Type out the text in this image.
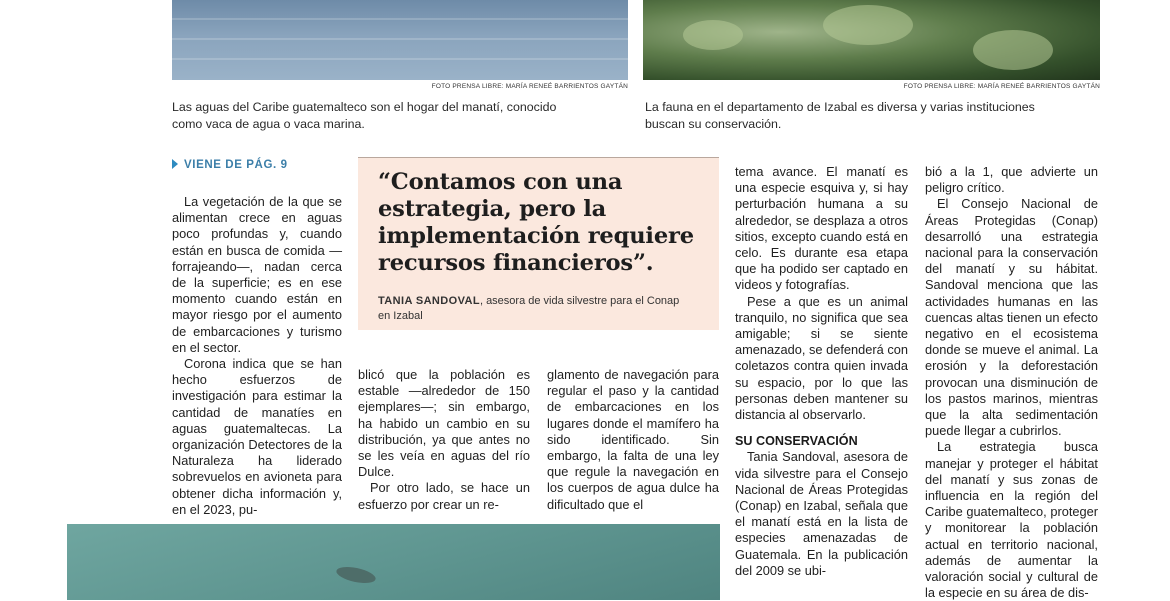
FOTO PRENSA LIBRE: MARÍA RENEÉ BARRIENTOS GAYTÁN	FOTO PRENSA LIBRE: MARÍA RENEÉ BARRIENTOS GAYTÁN
Las aguas del Caribe guatemalteco son el hogar del manatí, conocido
como vaca de agua o vaca marina.
La fauna en el departamento de Izabal es diversa y varias instituciones
buscan su conservación.
VIENE DE PÁG. 9

La vegetación de la que se alimentan crece en aguas poco profundas y, cuando están en busca de comida —forrajeando—, nadan cerca de la superficie; es en ese momento cuando están en mayor riesgo por el aumento de embarcaciones y turismo en el sector.

Corona indica que se han hecho esfuerzos de investigación para estimar la cantidad de manatíes en aguas guatemaltecas. La organización Detectores de la Naturaleza ha liderado sobrevuelos en avioneta para obtener dicha información y, en el 2023, pu-

“Contamos con una estrategia, pero la implementación requiere recursos financieros”.
TANIA SANDOVAL, asesora de vida silvestre para el Conap en Izabal

blicó que la población es estable —alrededor de 150 ejemplares—; sin embargo, ha habido un cambio en su distribución, ya que antes no se les veía en aguas del río Dulce.

Por otro lado, se hace un esfuerzo por crear un re-

glamento de navegación para regular el paso y la cantidad de embarcaciones en los lugares donde el mamífero ha sido identificado. Sin embargo, la falta de una ley que regule la navegación en los cuerpos de agua dulce ha dificultado que el

tema avance. El manatí es una especie esquiva y, si hay perturbación humana a su alrededor, se desplaza a otros sitios, excepto cuando está en celo. Es durante esa etapa que ha podido ser captado en videos y fotografías.

Pese a que es un animal tranquilo, no significa que sea amigable; si se siente amenazado, se defenderá con coletazos contra quien invada su espacio, por lo que las personas deben mantener su distancia al observarlo.

SU CONSERVACIÓN

Tania Sandoval, asesora de vida silvestre para el Consejo Nacional de Áreas Protegidas (Conap) en Izabal, señala que el manatí está en la lista de especies amenazadas de Guatemala. En la publicación del 2009 se ubi-

bió a la 1, que advierte un peligro crítico.

El Consejo Nacional de Áreas Protegidas (Conap) desarrolló una estrategia nacional para la conservación del manatí y su hábitat. Sandoval menciona que las actividades humanas en las cuencas altas tienen un efecto negativo en el ecosistema donde se mueve el animal. La erosión y la deforestación provocan una disminución de los pastos marinos, mientras que la alta sedimentación puede llegar a cubrirlos.

La estrategia busca manejar y proteger el hábitat del manatí y sus zonas de influencia en la región del Caribe guatemalteco, proteger y monitorear la población actual en territorio nacional, además de aumentar la valoración social y cultural de la especie en su área de dis-
